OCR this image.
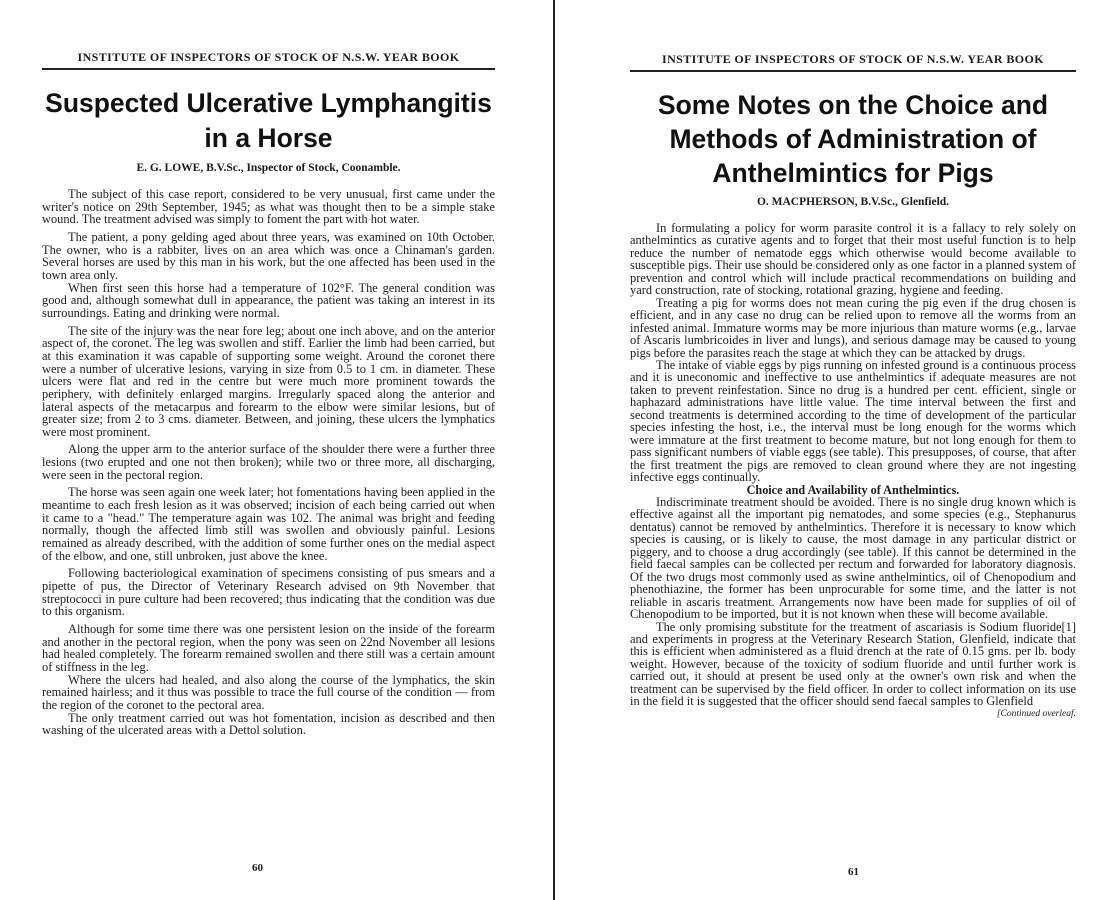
INSTITUTE OF INSPECTORS OF STOCK OF N.S.W. YEAR BOOK
Suspected Ulcerative Lymphangitis
in a Horse
E. G. LOWE, B.V.Sc., Inspector of Stock, Coonamble.

The subject of this case report, considered to be very unusual, first came under the writer's notice on 29th September, 1945; as what was thought then to be a simple stake wound. The treatment advised was simply to foment the part with hot water.

The patient, a pony gelding aged about three years, was examined on 10th October. The owner, who is a rabbiter, lives on an area which was once a Chinaman's garden. Several horses are used by this man in his work, but the one affected has been used in the town area only.

When first seen this horse had a temperature of 102°F. The general condition was good and, although somewhat dull in appearance, the patient was taking an interest in its surroundings. Eating and drinking were normal.

The site of the injury was the near fore leg; about one inch above, and on the anterior aspect of, the coronet. The leg was swollen and stiff. Earlier the limb had been carried, but at this examination it was capable of supporting some weight. Around the coronet there were a number of ulcerative lesions, varying in size from 0.5 to 1 cm. in diameter. These ulcers were flat and red in the centre but were much more prominent towards the periphery, with definitely enlarged margins. Irregularly spaced along the anterior and lateral aspects of the metacarpus and forearm to the elbow were similar lesions, but of greater size; from 2 to 3 cms. diameter. Between, and joining, these ulcers the lymphatics were most prominent.

Along the upper arm to the anterior surface of the shoulder there were a further three lesions (two erupted and one not then broken); while two or three more, all discharging, were seen in the pectoral region.

The horse was seen again one week later; hot fomentations having been applied in the meantime to each fresh lesion as it was observed; incision of each being carried out when it came to a "head." The temperature again was 102. The animal was bright and feeding normally, though the affected limb still was swollen and obviously painful. Lesions remained as already described, with the addition of some further ones on the medial aspect of the elbow, and one, still unbroken, just above the knee.

Following bacteriological examination of specimens consisting of pus smears and a pipette of pus, the Director of Veterinary Research advised on 9th November that streptococci in pure culture had been recovered; thus indicating that the condition was due to this organism.

Although for some time there was one persistent lesion on the inside of the forearm and another in the pectoral region, when the pony was seen on 22nd November all lesions had healed completely. The forearm remained swollen and there still was a certain amount of stiffness in the leg.

Where the ulcers had healed, and also along the course of the lymphatics, the skin remained hairless; and it thus was possible to trace the full course of the condition — from the region of the coronet to the pectoral area.

The only treatment carried out was hot fomentation, incision as described and then washing of the ulcerated areas with a Dettol solution.

60
INSTITUTE OF INSPECTORS OF STOCK OF N.S.W. YEAR BOOK
Some Notes on the Choice and
Methods of Administration of
Anthelmintics for Pigs
O. MACPHERSON, B.V.Sc., Glenfield.

In formulating a policy for worm parasite control it is a fallacy to rely solely on anthelmintics as curative agents and to forget that their most useful function is to help reduce the number of nematode eggs which otherwise would become available to susceptible pigs. Their use should be considered only as one factor in a planned system of prevention and control which will include practical recommendations on building and yard construction, rate of stocking, rotational grazing, hygiene and feeding.

Treating a pig for worms does not mean curing the pig even if the drug chosen is efficient, and in any case no drug can be relied upon to remove all the worms from an infested animal. Immature worms may be more injurious than mature worms (e.g., larvae of Ascaris lumbricoides in liver and lungs), and serious damage may be caused to young pigs before the parasites reach the stage at which they can be attacked by drugs.

The intake of viable eggs by pigs running on infested ground is a continuous process and it is uneconomic and ineffective to use anthelmintics if adequate measures are not taken to prevent reinfestation. Since no drug is a hundred per cent. efficient, single or haphazard administrations have little value. The time interval between the first and second treatments is determined according to the time of development of the particular species infesting the host, i.e., the interval must be long enough for the worms which were immature at the first treatment to become mature, but not long enough for them to pass significant numbers of viable eggs (see table). This presupposes, of course, that after the first treatment the pigs are removed to clean ground where they are not ingesting infective eggs continually.

Choice and Availability of Anthelmintics.

Indiscriminate treatment should be avoided. There is no single drug known which is effective against all the important pig nematodes, and some species (e.g., Stephanurus dentatus) cannot be removed by anthelmintics. Therefore it is necessary to know which species is causing, or is likely to cause, the most damage in any particular district or piggery, and to choose a drug accordingly (see table). If this cannot be determined in the field faecal samples can be collected per rectum and forwarded for laboratory diagnosis. Of the two drugs most commonly used as swine anthelmintics, oil of Chenopodium and phenothiazine, the former has been unprocurable for some time, and the latter is not reliable in ascaris treatment. Arrangements now have been made for supplies of oil of Chenopodium to be imported, but it is not known when these will become available.

The only promising substitute for the treatment of ascariasis is Sodium fluoride[1] and experiments in progress at the Veterinary Research Station, Glenfield, indicate that this is efficient when administered as a fluid drench at the rate of 0.15 gms. per lb. body weight. However, because of the toxicity of sodium fluoride and until further work is carried out, it should at present be used only at the owner's own risk and when the treatment can be supervised by the field officer. In order to collect information on its use in the field it is suggested that the officer should send faecal samples to Glenfield

[Continued overleaf.
61
